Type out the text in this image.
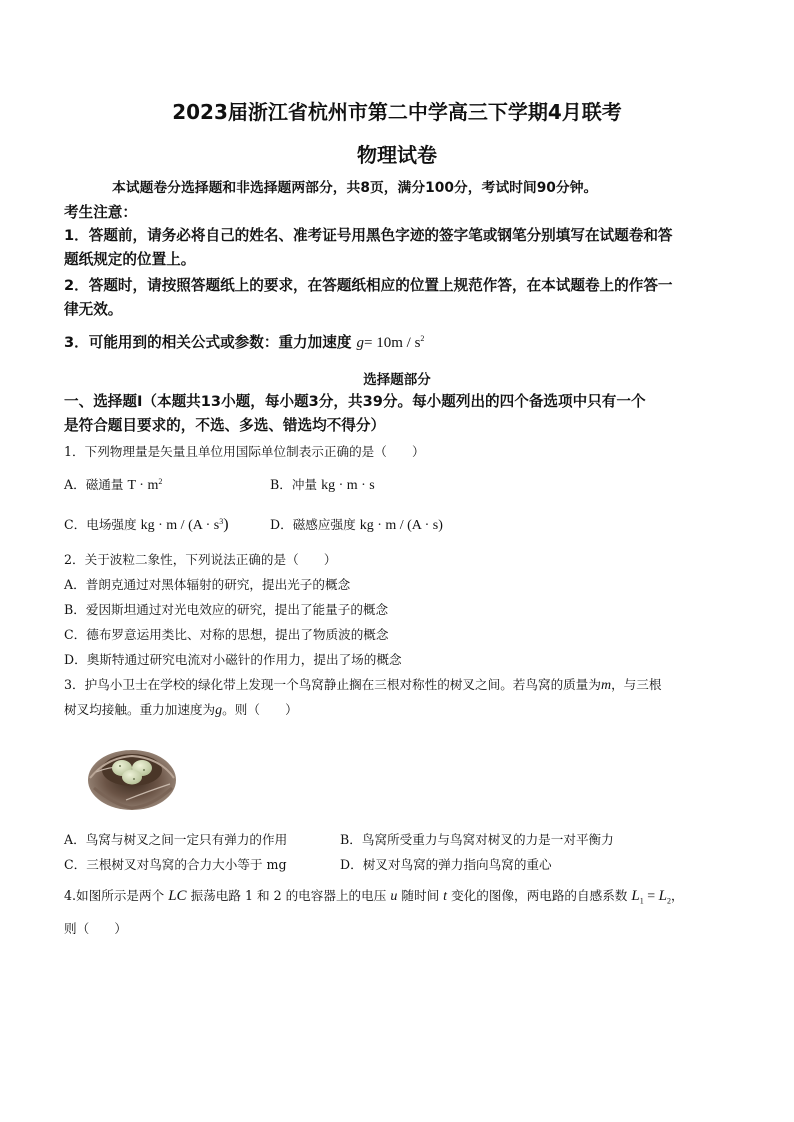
2023届浙江省杭州市第二中学高三下学期4月联考
物理试卷
本试题卷分选择题和非选择题两部分，共8页，满分100分，考试时间90分钟。
考生注意：
1．答题前，请务必将自己的姓名、准考证号用黑色字迹的签字笔或钢笔分别填写在试题卷和答
题纸规定的位置上。
2．答题时，请按照答题纸上的要求，在答题纸相应的位置上规范作答，在本试题卷上的作答一
律无效。
3．可能用到的相关公式或参数：重力加速度 $g= 10m / s^2$
选择题部分
一、选择题Ⅰ（本题共13小题，每小题3分，共39分。每小题列出的四个备选项中只有一个
是符合题目要求的，不选、多选、错选均不得分）
1．下列物理量是矢量且单位用国际单位制表示正确的是（　　）
A．磁通量 $T \cdot m^2$	B．冲量 kg · m · s
C．电场强度 kg · $m / (A \cdot s^3)$	D．磁感应强度 kg · m / (A · s)
2．关于波粒二象性，下列说法正确的是（　　）
A．普朗克通过对黑体辐射的研究，提出光子的概念
B．爱因斯坦通过对光电效应的研究，提出了能量子的概念
C．德布罗意运用类比、对称的思想，提出了物质波的概念
D．奥斯特通过研究电流对小磁针的作用力，提出了场的概念
3．护鸟小卫士在学校的绿化带上发现一个鸟窝静止搁在三根对称性的树叉之间。若鸟窝的质量为m，与三根
树叉均接触。重力加速度为g。则（　　）
A．鸟窝与树叉之间一定只有弹力的作用	B．鸟窝所受重力与鸟窝对树叉的力是一对平衡力
C．三根树叉对鸟窝的合力大小等于 mg	D．树叉对鸟窝的弹力指向鸟窝的重心
4.如图所示是两个 LC 振荡电路 1 和 2 的电容器上的电压 u 随时间 t 变化的图像，两电路的自感系数 $L_1 = L_2$，
则（　　）
